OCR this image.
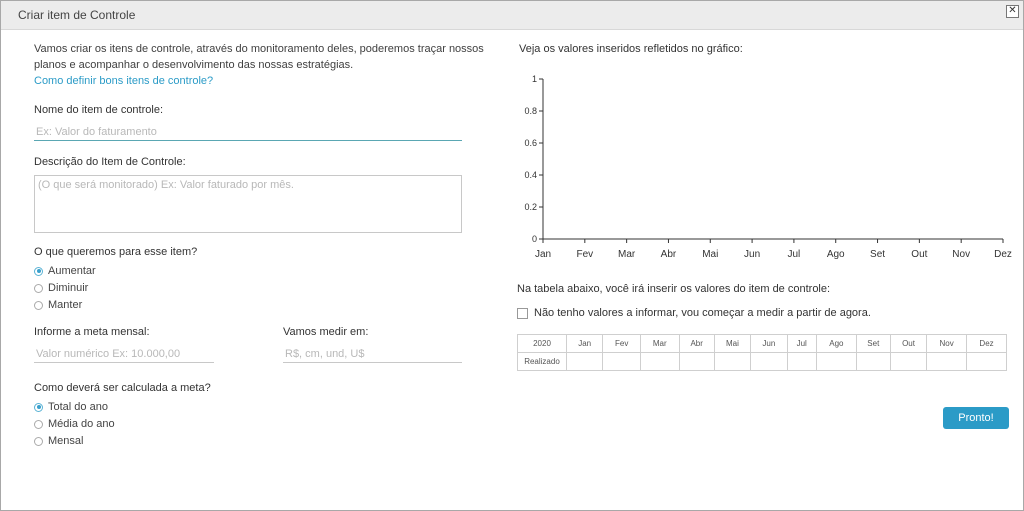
Criar item de Controle	✕
Vamos criar os itens de controle, através do monitoramento deles, poderemos traçar nossos
planos e acompanhar o desenvolvimento das nossas estratégias.
Como definir bons itens de controle?
Nome do item de controle:
Ex: Valor do faturamento
Descrição do Item de Controle:
(O que será monitorado) Ex: Valor faturado por mês.
O que queremos para esse item?
Aumentar
Diminuir
Manter
Informe a meta mensal:
Valor numérico Ex: 10.000,00	Vamos medir em:
R$, cm, und, U$
Como deverá ser calculada a meta?
Total do ano
Média do ano
Mensal
Veja os valores inseridos refletidos no gráfico:
1
0.8
0.6
0.4
0.2
0
Jan	Fev Mar	Abr	Mai	Jun	Jul	Ago	Set	Out Nov Dez
Na tabela abaixo, você irá inserir os valores do item de controle:
Não tenho valores a informar, vou começar a medir a partir de agora.
2020	Jan	Fev	Mar	Abr	Mai	Jun	Jul	Ago	Set	Out	Nov	Dez
Realizado												
Pronto!
